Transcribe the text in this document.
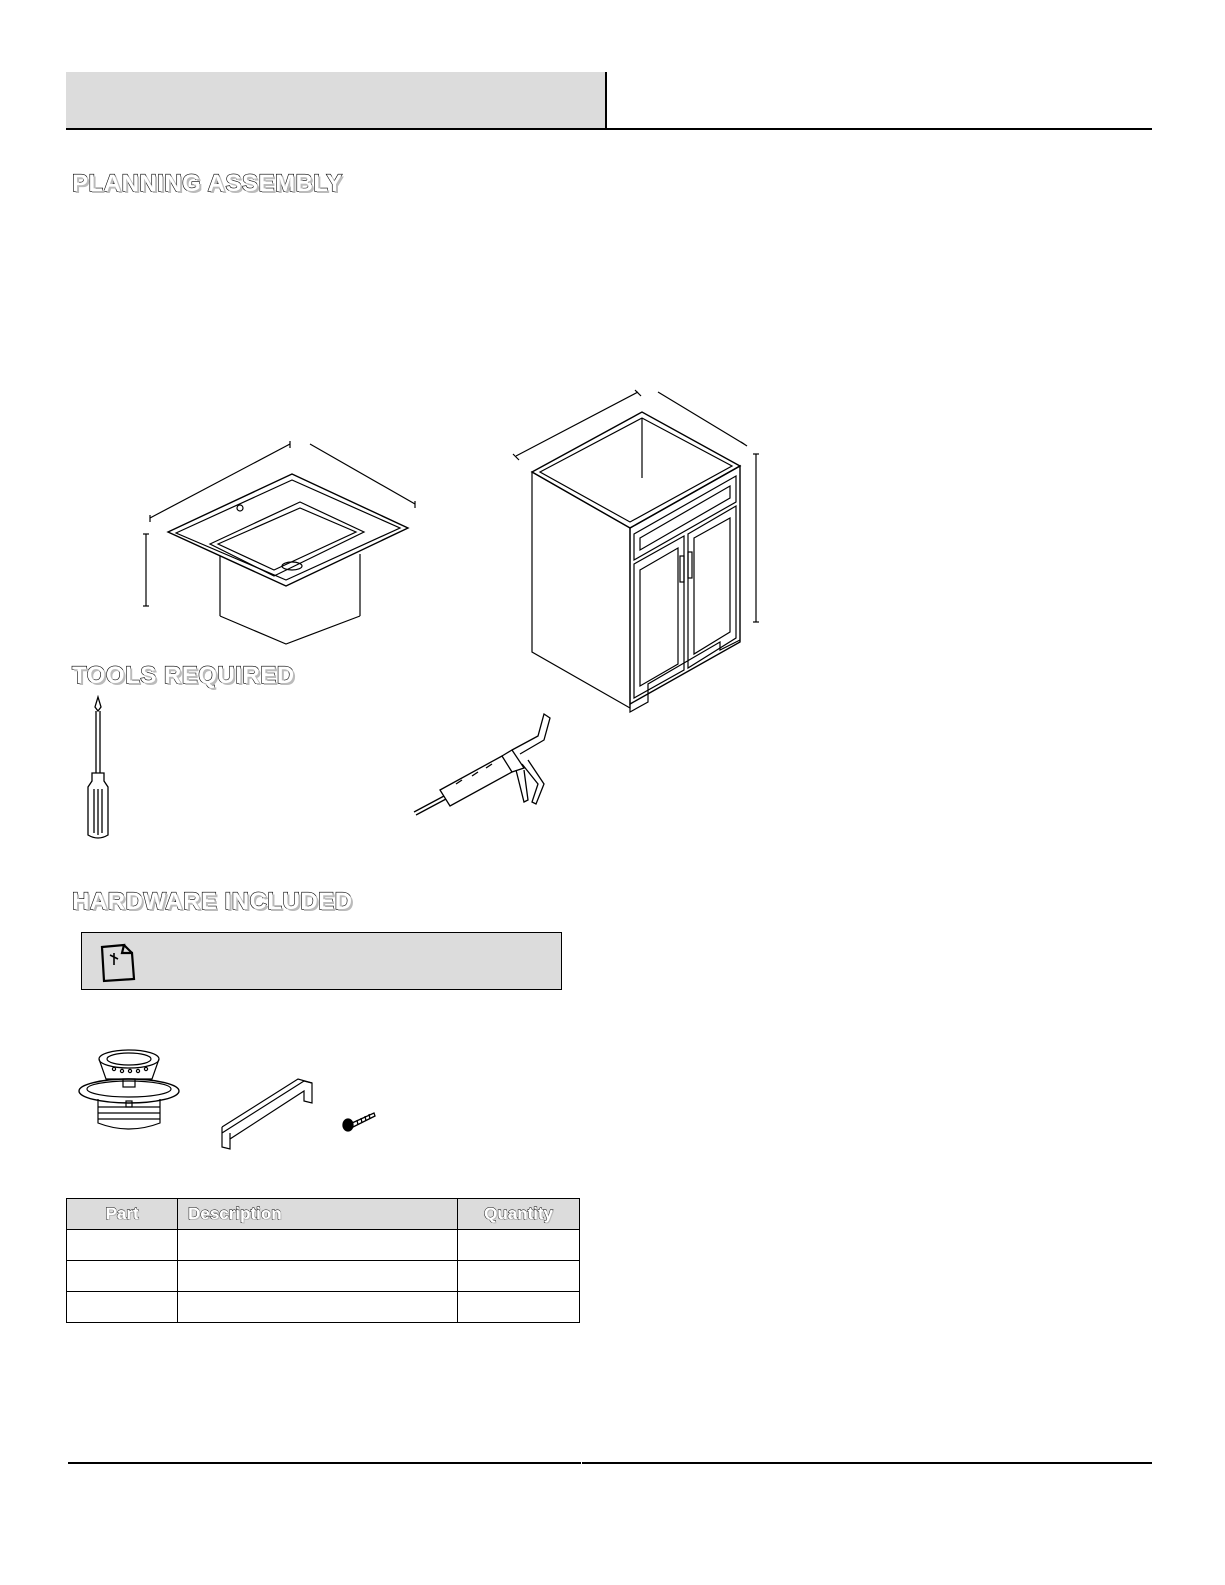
PLANNING ASSEMBLY
TOOLS REQUIRED
HARDWARE INCLUDED
Part	Description	Quantity
